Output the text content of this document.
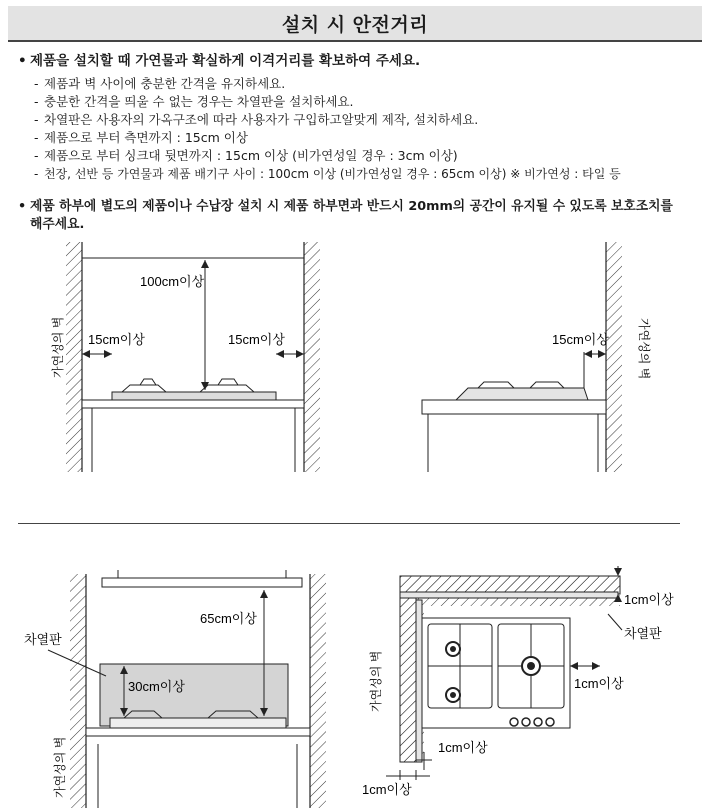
설치 시 안전거리
• 제품을 설치할 때 가연물과 확실하게 이격거리를 확보하여 주세요.
- 제품과 벽 사이에 충분한 간격을 유지하세요.
- 충분한 간격을 띄울 수 없는 경우는 차열판을 설치하세요.
- 차열판은 사용자의 가옥구조에 따라 사용자가 구입하고알맞게 제작, 설치하세요.
- 제품으로 부터 측면까지 : 15cm 이상
- 제품으로 부터 싱크대 뒷면까지 : 15cm 이상 (비가연성일 경우 : 3cm 이상)
- 천장, 선반 등 가연물과 제품 배기구 사이 : 100cm 이상 (비가연성일 경우 : 65cm 이상) ※ 비가연성 : 타일 등
• 제품 하부에 별도의 제품이나 수납장 설치 시 제품 하부면과 반드시 20mm의 공간이 유지될 수 있도록 보호조치를
해주세요.
100cm이상
15cm이상	15cm이상
가연성의 벽	15cm이상 가연성의 벽
65cm이상
30cm이상
차열판
가연성의 벽
1cm이상
차열판
1cm이상
1cm이상
1cm이상
가연성의 벽
